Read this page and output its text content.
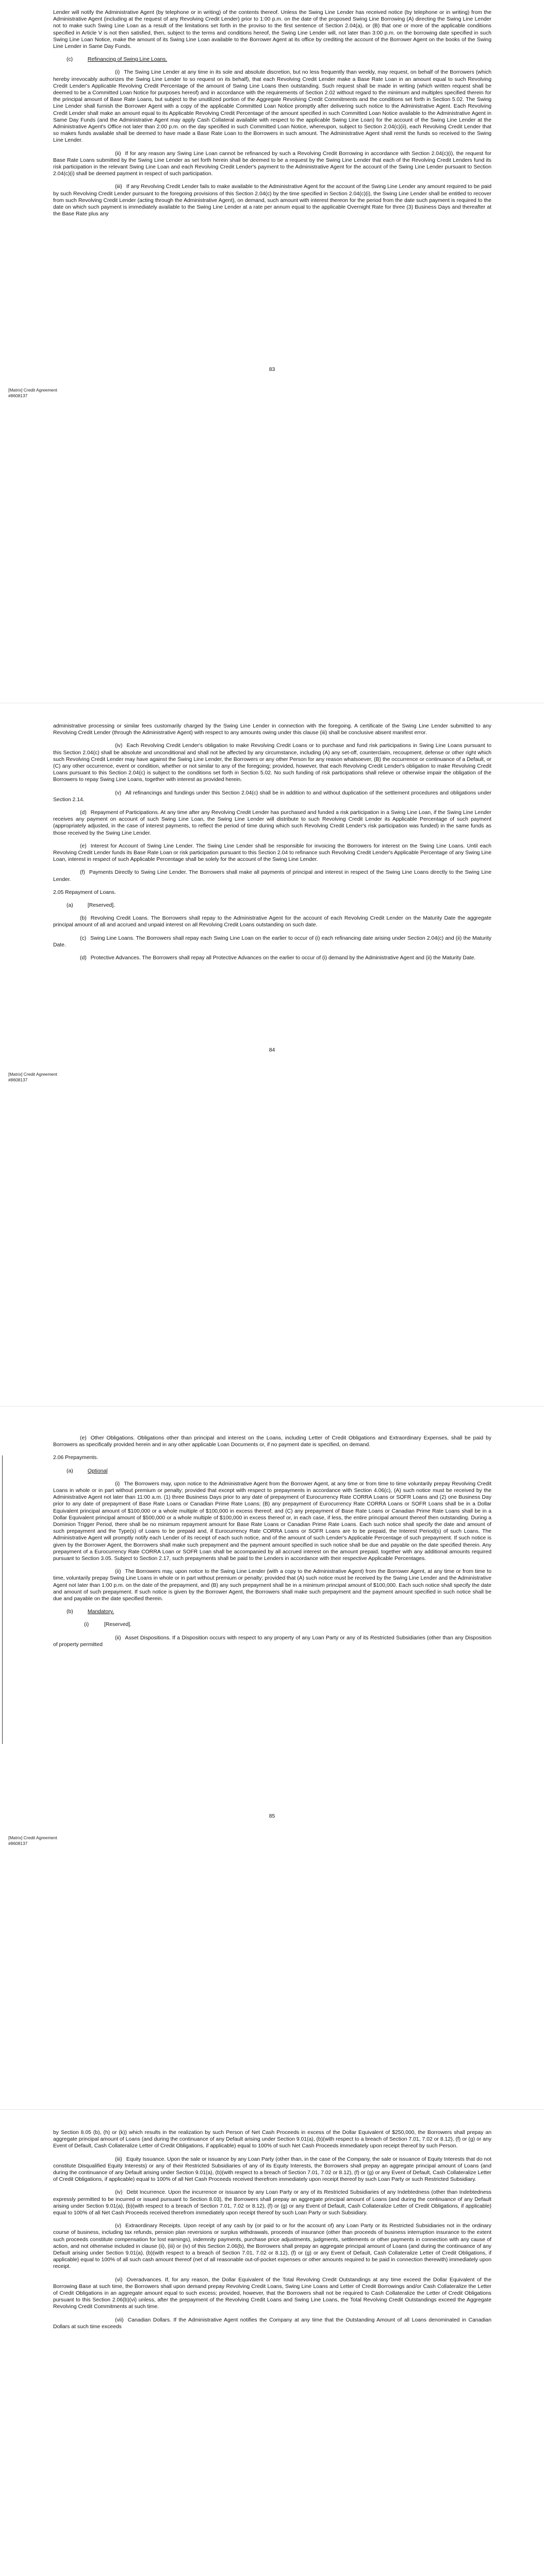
Lender will notify the Administrative Agent (by telephone or in writing) of the contents thereof. Unless the Swing Line Lender has received notice (by telephone or in writing) from the Administrative Agent (including at the request of any Revolving Credit Lender) prior to 1:00 p.m. on the date of the proposed Swing Line Borrowing (A) directing the Swing Line Lender not to make such Swing Line Loan as a result of the limitations set forth in the proviso to the first sentence of Section 2.04(a), or (B) that one or more of the applicable conditions specified in Article V is not then satisfied, then, subject to the terms and conditions hereof, the Swing Line Lender will, not later than 3:00 p.m. on the borrowing date specified in such Swing Line Loan Notice, make the amount of its Swing Line Loan available to the Borrower Agent at its office by crediting the account of the Borrower Agent on the books of the Swing Line Lender in Same Day Funds.

(c)	Refinancing of Swing Line Loans.

(i) The Swing Line Lender at any time in its sole and absolute discretion, but no less frequently than weekly, may request, on behalf of the Borrowers (which hereby irrevocably authorizes the Swing Line Lender to so request on its behalf), that each Revolving Credit Lender make a Base Rate Loan in an amount equal to such Revolving Credit Lender's Applicable Revolving Credit Percentage of the amount of Swing Line Loans then outstanding. Such request shall be made in writing (which written request shall be deemed to be a Committed Loan Notice for purposes hereof) and in accordance with the requirements of Section 2.02 without regard to the minimum and multiples specified therein for the principal amount of Base Rate Loans, but subject to the unutilized portion of the Aggregate Revolving Credit Commitments and the conditions set forth in Section 5.02. The Swing Line Lender shall furnish the Borrower Agent with a copy of the applicable Committed Loan Notice promptly after delivering such notice to the Administrative Agent. Each Revolving Credit Lender shall make an amount equal to its Applicable Revolving Credit Percentage of the amount specified in such Committed Loan Notice available to the Administrative Agent in Same Day Funds (and the Administrative Agent may apply Cash Collateral available with respect to the applicable Swing Line Loan) for the account of the Swing Line Lender at the Administrative Agent's Office not later than 2:00 p.m. on the day specified in such Committed Loan Notice, whereupon, subject to Section 2.04(c)(ii), each Revolving Credit Lender that so makes funds available shall be deemed to have made a Base Rate Loan to the Borrowers in such amount. The Administrative Agent shall remit the funds so received to the Swing Line Lender.

(ii) If for any reason any Swing Line Loan cannot be refinanced by such a Revolving Credit Borrowing in accordance with Section 2.04(c)(i), the request for Base Rate Loans submitted by the Swing Line Lender as set forth herein shall be deemed to be a request by the Swing Line Lender that each of the Revolving Credit Lenders fund its risk participation in the relevant Swing Line Loan and each Revolving Credit Lender's payment to the Administrative Agent for the account of the Swing Line Lender pursuant to Section 2.04(c)(i) shall be deemed payment in respect of such participation.

(iii) If any Revolving Credit Lender fails to make available to the Administrative Agent for the account of the Swing Line Lender any amount required to be paid by such Revolving Credit Lender pursuant to the foregoing provisions of this Section 2.04(c) by the time specified in Section 2.04(c)(i), the Swing Line Lender shall be entitled to recover from such Revolving Credit Lender (acting through the Administrative Agent), on demand, such amount with interest thereon for the period from the date such payment is required to the date on which such payment is immediately available to the Swing Line Lender at a rate per annum equal to the applicable Overnight Rate for three (3) Business Days and thereafter at the Base Rate plus any

83
[Matrix] Credit Agreement
#8608137

administrative processing or similar fees customarily charged by the Swing Line Lender in connection with the foregoing. A certificate of the Swing Line Lender submitted to any Revolving Credit Lender (through the Administrative Agent) with respect to any amounts owing under this clause (iii) shall be conclusive absent manifest error.

(iv) Each Revolving Credit Lender's obligation to make Revolving Credit Loans or to purchase and fund risk participations in Swing Line Loans pursuant to this Section 2.04(c) shall be absolute and unconditional and shall not be affected by any circumstance, including (A) any set-off, counterclaim, recoupment, defense or other right which such Revolving Credit Lender may have against the Swing Line Lender, the Borrowers or any other Person for any reason whatsoever, (B) the occurrence or continuance of a Default, or (C) any other occurrence, event or condition, whether or not similar to any of the foregoing; provided, however, that each Revolving Credit Lender's obligation to make Revolving Credit Loans pursuant to this Section 2.04(c) is subject to the conditions set forth in Section 5.02. No such funding of risk participations shall relieve or otherwise impair the obligation of the Borrowers to repay Swing Line Loans, together with interest as provided herein.

(v) All refinancings and fundings under this Section 2.04(c) shall be in addition to and without duplication of the settlement procedures and obligations under Section 2.14.

(d) Repayment of Participations. At any time after any Revolving Credit Lender has purchased and funded a risk participation in a Swing Line Loan, if the Swing Line Lender receives any payment on account of such Swing Line Loan, the Swing Line Lender will distribute to such Revolving Credit Lender its Applicable Percentage of such payment (appropriately adjusted, in the case of interest payments, to reflect the period of time during which such Revolving Credit Lender's risk participation was funded) in the same funds as those received by the Swing Line Lender.

(e) Interest for Account of Swing Line Lender. The Swing Line Lender shall be responsible for invoicing the Borrowers for interest on the Swing Line Loans. Until each Revolving Credit Lender funds its Base Rate Loan or risk participation pursuant to this Section 2.04 to refinance such Revolving Credit Lender's Applicable Percentage of any Swing Line Loan, interest in respect of such Applicable Percentage shall be solely for the account of the Swing Line Lender.

(f) Payments Directly to Swing Line Lender. The Borrowers shall make all payments of principal and interest in respect of the Swing Line Loans directly to the Swing Line Lender.

2.05 Repayment of Loans.
(a)	[Reserved].

(b) Revolving Credit Loans. The Borrowers shall repay to the Administrative Agent for the account of each Revolving Credit Lender on the Maturity Date the aggregate principal amount of all and accrued and unpaid interest on all Revolving Credit Loans outstanding on such date.

(c) Swing Line Loans. The Borrowers shall repay each Swing Line Loan on the earlier to occur of (i) each refinancing date arising under Section 2.04(c) and (ii) the Maturity Date.

(d) Protective Advances. The Borrowers shall repay all Protective Advances on the earlier to occur of (i) demand by the Administrative Agent and (ii) the Maturity Date.

84
[Matrix] Credit Agreement
#8608137

(e) Other Obligations. Obligations other than principal and interest on the Loans, including Letter of Credit Obligations and Extraordinary Expenses, shall be paid by Borrowers as specifically provided herein and in any other applicable Loan Documents or, if no payment date is specified, on demand.

2.06 Prepayments.
(a)	Optional

(i) The Borrowers may, upon notice to the Administrative Agent from the Borrower Agent, at any time or from time to time voluntarily prepay Revolving Credit Loans in whole or in part without premium or penalty; provided that except with respect to prepayments in accordance with Section 4.06(c), (A) such notice must be received by the Administrative Agent not later than 11:00 a.m. (1) three Business Days prior to any date of prepayment of Eurocurrency Rate CORRA Loans or SOFR Loans and (2) one Business Day prior to any date of prepayment of Base Rate Loans or Canadian Prime Rate Loans; (B) any prepayment of Eurocurrency Rate CORRA Loans or SOFR Loans shall be in a Dollar Equivalent principal amount of $100,000 or a whole multiple of $100,000 in excess thereof; and (C) any prepayment of Base Rate Loans or Canadian Prime Rate Loans shall be in a Dollar Equivalent principal amount of $500,000 or a whole multiple of $100,000 in excess thereof or, in each case, if less, the entire principal amount thereof then outstanding. During a Dominion Trigger Period, there shall be no minimum repayment amount for Base Rate Loans or Canadian Prime Rate Loans. Each such notice shall specify the date and amount of such prepayment and the Type(s) of Loans to be prepaid and, if Eurocurrency Rate CORRA Loans or SOFR Loans are to be prepaid, the Interest Period(s) of such Loans. The Administrative Agent will promptly notify each Lender of its receipt of each such notice, and of the amount of such Lender's Applicable Percentage of such prepayment. If such notice is given by the Borrower Agent, the Borrowers shall make such prepayment and the payment amount specified in such notice shall be due and payable on the date specified therein. Any prepayment of a Eurocurrency Rate CORRA Loan or SOFR Loan shall be accompanied by all accrued interest on the amount prepaid, together with any additional amounts required pursuant to Section 3.05. Subject to Section 2.17, such prepayments shall be paid to the Lenders in accordance with their respective Applicable Percentages.

(ii) The Borrowers may, upon notice to the Swing Line Lender (with a copy to the Administrative Agent) from the Borrower Agent, at any time or from time to time, voluntarily prepay Swing Line Loans in whole or in part without premium or penalty; provided that (A) such notice must be received by the Swing Line Lender and the Administrative Agent not later than 1:00 p.m. on the date of the prepayment, and (B) any such prepayment shall be in a minimum principal amount of $100,000. Each such notice shall specify the date and amount of such prepayment. If such notice is given by the Borrower Agent, the Borrowers shall make such prepayment and the payment amount specified in such notice shall be due and payable on the date specified therein.

(b)	Mandatory.
(i)	[Reserved].

(ii) Asset Dispositions. If a Disposition occurs with respect to any property of any Loan Party or any of its Restricted Subsidiaries (other than any Disposition of property permitted

85
[Matrix] Credit Agreement
#8608137

by Section 8.05 (b), (h) or (k)) which results in the realization by such Person of Net Cash Proceeds in excess of the Dollar Equivalent of $250,000, the Borrowers shall prepay an aggregate principal amount of Loans (and during the continuance of any Default arising under Section 9.01(a), (b)(with respect to a breach of Section 7.01, 7.02 or 8.12), (f) or (g) or any Event of Default, Cash Collateralize Letter of Credit Obligations, if applicable) equal to 100% of such Net Cash Proceeds immediately upon receipt thereof by such Person.

(iii) Equity Issuance. Upon the sale or issuance by any Loan Party (other than, in the case of the Company, the sale or issuance of Equity Interests that do not constitute Disqualified Equity Interests) or any of their Restricted Subsidiaries of any of its Equity Interests, the Borrowers shall prepay an aggregate principal amount of Loans (and during the continuance of any Default arising under Section 9.01(a), (b)(with respect to a breach of Section 7.01, 7.02 or 8.12), (f) or (g) or any Event of Default, Cash Collateralize Letter of Credit Obligations, if applicable) equal to 100% of all Net Cash Proceeds received therefrom immediately upon receipt thereof by such Loan Party or such Restricted Subsidiary.

(iv) Debt Incurrence. Upon the incurrence or issuance by any Loan Party or any of its Restricted Subsidiaries of any Indebtedness (other than Indebtedness expressly permitted to be incurred or issued pursuant to Section 8.03), the Borrowers shall prepay an aggregate principal amount of Loans (and during the continuance of any Default arising under Section 9.01(a), (b)(with respect to a breach of Section 7.01, 7.02 or 8.12), (f) or (g) or any Event of Default, Cash Collateralize Letter of Credit Obligations, if applicable) equal to 100% of all Net Cash Proceeds received therefrom immediately upon receipt thereof by such Loan Party or such Subsidiary.

(v) Extraordinary Receipts. Upon receipt of any cash by (or paid to or for the account of) any Loan Party or its Restricted Subsidiaries not in the ordinary course of business, including tax refunds, pension plan reversions or surplus withdrawals, proceeds of insurance (other than proceeds of business interruption insurance to the extent such proceeds constitute compensation for lost earnings), indemnity payments, purchase price adjustments, judgments, settlements or other payments in connection with any cause of action, and not otherwise included in clause (ii), (iii) or (iv) of this Section 2.06(b), the Borrowers shall prepay an aggregate principal amount of Loans (and during the continuance of any Default arising under Section 9.01(a), (b)(with respect to a breach of Section 7.01, 7.02 or 8.12), (f) or (g) or any Event of Default, Cash Collateralize Letter of Credit Obligations, if applicable) equal to 100% of all such cash amount thereof (net of all reasonable out-of-pocket expenses or other amounts required to be paid in connection therewith) immediately upon receipt.

(vi) Overadvances. If, for any reason, the Dollar Equivalent of the Total Revolving Credit Outstandings at any time exceed the Dollar Equivalent of the Borrowing Base at such time, the Borrowers shall upon demand prepay Revolving Credit Loans, Swing Line Loans and Letter of Credit Borrowings and/or Cash Collateralize the Letter of Credit Obligations in an aggregate amount equal to such excess; provided, however, that the Borrowers shall not be required to Cash Collateralize the Letter of Credit Obligations pursuant to this Section 2.06(b)(vi) unless, after the prepayment of the Revolving Credit Loans and Swing Line Loans, the Total Revolving Credit Outstandings exceed the Aggregate Revolving Credit Commitments at such time.

(vii) Canadian Dollars. If the Administrative Agent notifies the Company at any time that the Outstanding Amount of all Loans denominated in Canadian Dollars at such time exceeds
